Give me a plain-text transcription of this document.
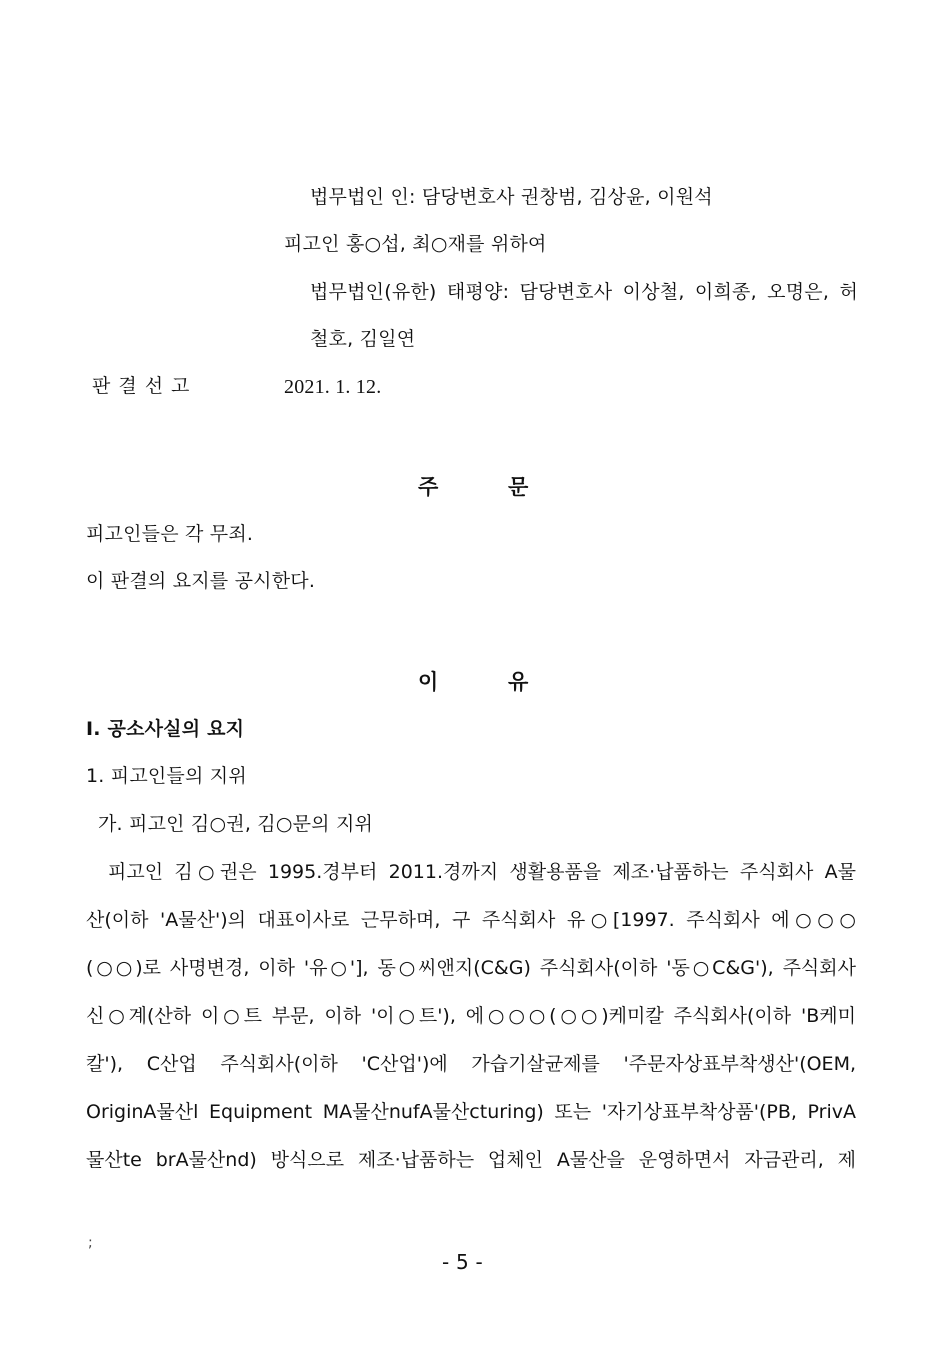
법무법인 인: 담당변호사 권창범, 김상윤, 이원석
피고인 홍○섭, 최○재를 위하여
법무법인(유한) 태평양: 담당변호사 이상철, 이희종, 오명은, 허
철호, 김일연
판결선고	2021. 1. 12.
주	문
피고인들은 각 무죄.
이 판결의 요지를 공시한다.
이	유
I. 공소사실의 요지
1. 피고인들의 지위
가. 피고인 김○권, 김○문의 지위
피고인 김○권은 1995.경부터 2011.경까지 생활용품을 제조·납품하는 주식회사 A물
산(이하 'A물산')의 대표이사로 근무하며, 구 주식회사 유○[1997. 주식회사 에○○○
(○○)로 사명변경, 이하 '유○'], 동○씨앤지(C&G) 주식회사(이하 '동○C&G'), 주식회사
신○계(산하 이○트 부문, 이하 '이○트'), 에○○○(○○)케미칼 주식회사(이하 'B케미
칼'), C산업 주식회사(이하 'C산업')에 가습기살균제를 '주문자상표부착생산'(OEM,
OriginA물산l Equipment MA물산nufA물산cturing) 또는 '자기상표부착상품'(PB, PrivA
물산te brA물산nd) 방식으로 제조·납품하는 업체인 A물산을 운영하면서 자금관리, 제
;
- 5 -
